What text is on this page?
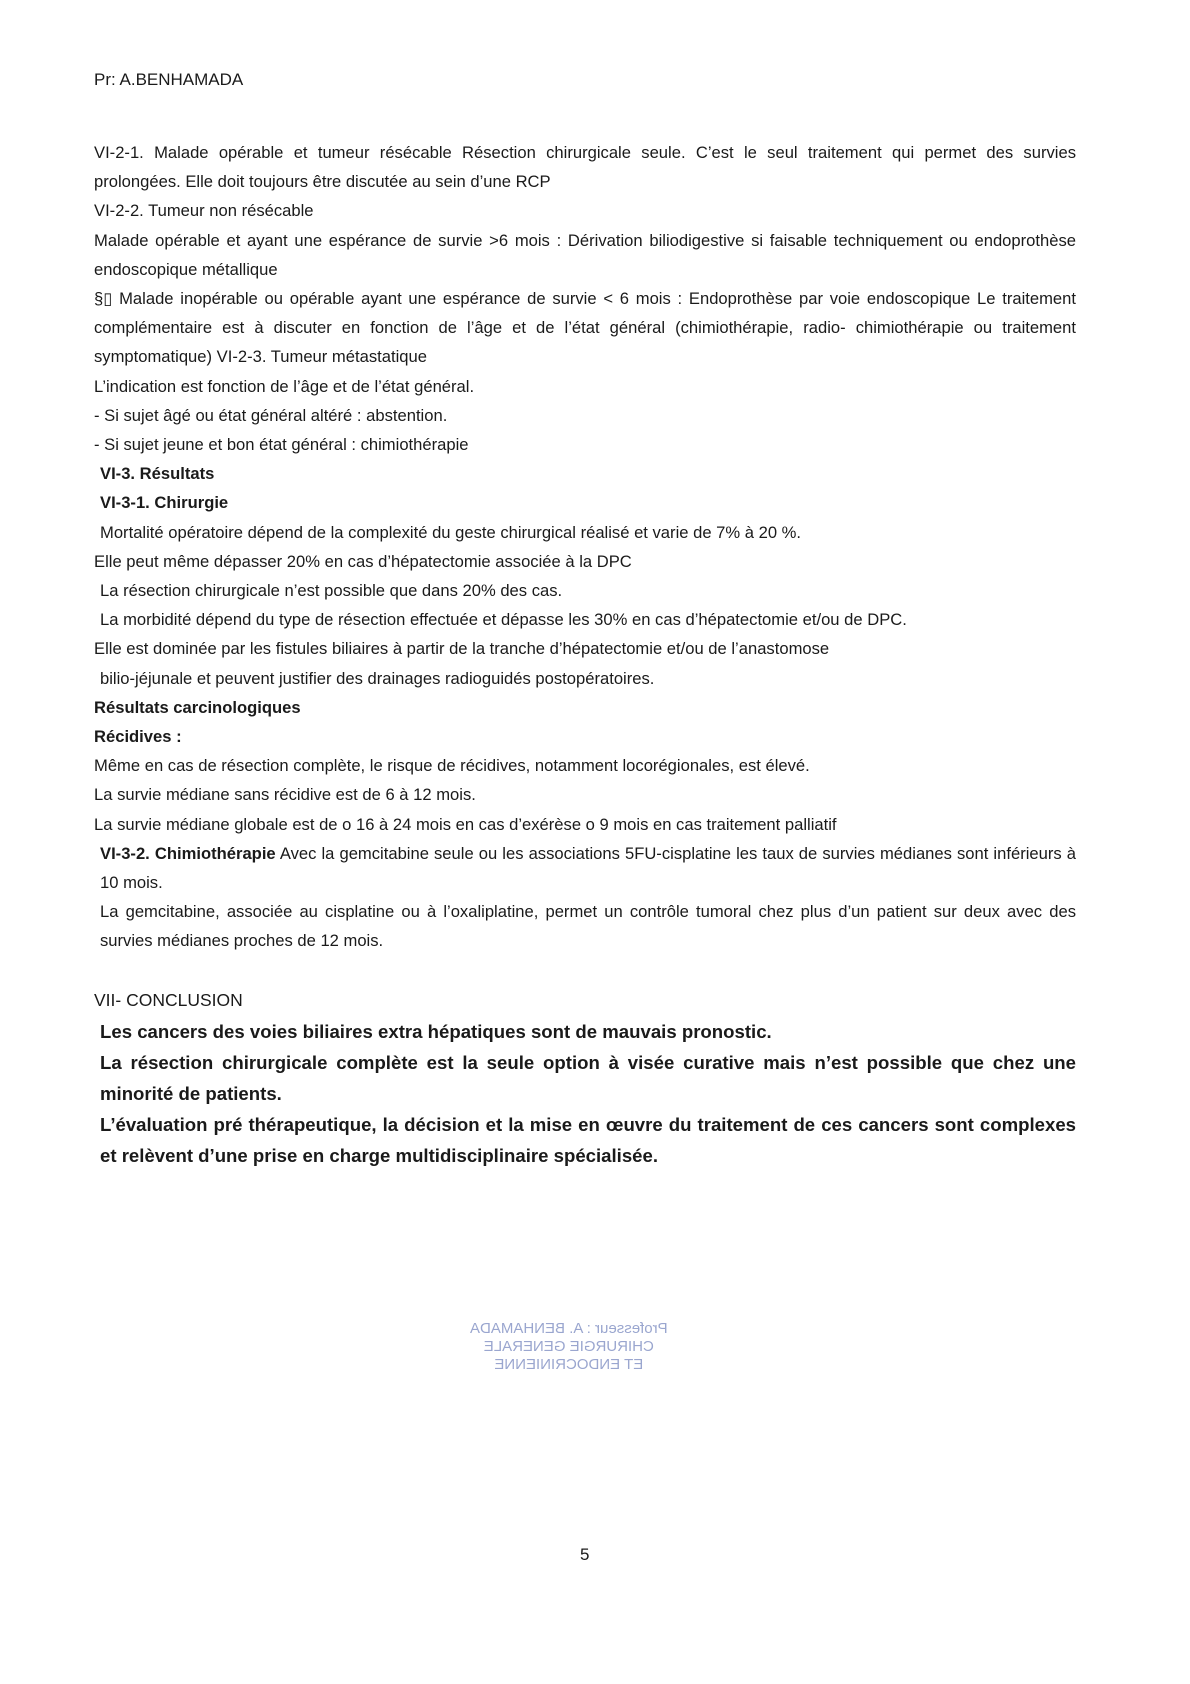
Pr: A.BENHAMADA

VI-2-1. Malade opérable et tumeur résécable Résection chirurgicale seule. C’est le seul traitement qui permet des survies prolongées. Elle doit toujours être discutée au sein d’une RCP

VI-2-2. Tumeur non résécable

Malade opérable et ayant une espérance de survie >6 mois : Dérivation biliodigestive si faisable techniquement ou endoprothèse endoscopique métallique

§▯ Malade inopérable ou opérable ayant une espérance de survie < 6 mois : Endoprothèse par voie endoscopique Le traitement complémentaire est à discuter en fonction de l’âge et de l’état général (chimiothérapie, radio- chimiothérapie ou traitement symptomatique) VI-2-3. Tumeur métastatique

L’indication est fonction de l’âge et de l’état général.

- Si sujet âgé ou état général altéré : abstention.

- Si sujet jeune et bon état général : chimiothérapie

VI-3. Résultats

VI-3-1. Chirurgie

Mortalité opératoire dépend de la complexité du geste chirurgical réalisé et varie de 7% à 20 %.

Elle peut même dépasser 20% en cas d’hépatectomie associée à la DPC

La résection chirurgicale n’est possible que dans 20% des cas.

La morbidité dépend du type de résection effectuée et dépasse les 30% en cas d’hépatectomie et/ou de DPC.

Elle est dominée par les fistules biliaires à partir de la tranche d’hépatectomie et/ou de l’anastomose

bilio-jéjunale et peuvent justifier des drainages radioguidés postopératoires.

Résultats carcinologiques

Récidives :

Même en cas de résection complète, le risque de récidives, notamment locorégionales, est élevé.

La survie médiane sans récidive est de 6 à 12 mois.

La survie médiane globale est de o 16 à 24 mois en cas d’exérèse o 9 mois en cas traitement palliatif

VI-3-2. Chimiothérapie Avec la gemcitabine seule ou les associations 5FU-cisplatine les taux de survies médianes sont inférieurs à 10 mois.

La gemcitabine, associée au cisplatine ou à l’oxaliplatine, permet un contrôle tumoral chez plus d’un patient sur deux avec des survies médianes proches de 12 mois.

VII- CONCLUSION

Les cancers des voies biliaires extra hépatiques sont de mauvais pronostic.

La résection chirurgicale complète est la seule option à visée curative mais n’est possible que chez une minorité de patients.

L’évaluation pré thérapeutique, la décision et la mise en œuvre du traitement de ces cancers sont complexes et relèvent d’une prise en charge multidisciplinaire spécialisée.

Professeur : A. BENHAMADA
CHIRURGIE GENERALE
ET ENDOCRINIENNE
5
